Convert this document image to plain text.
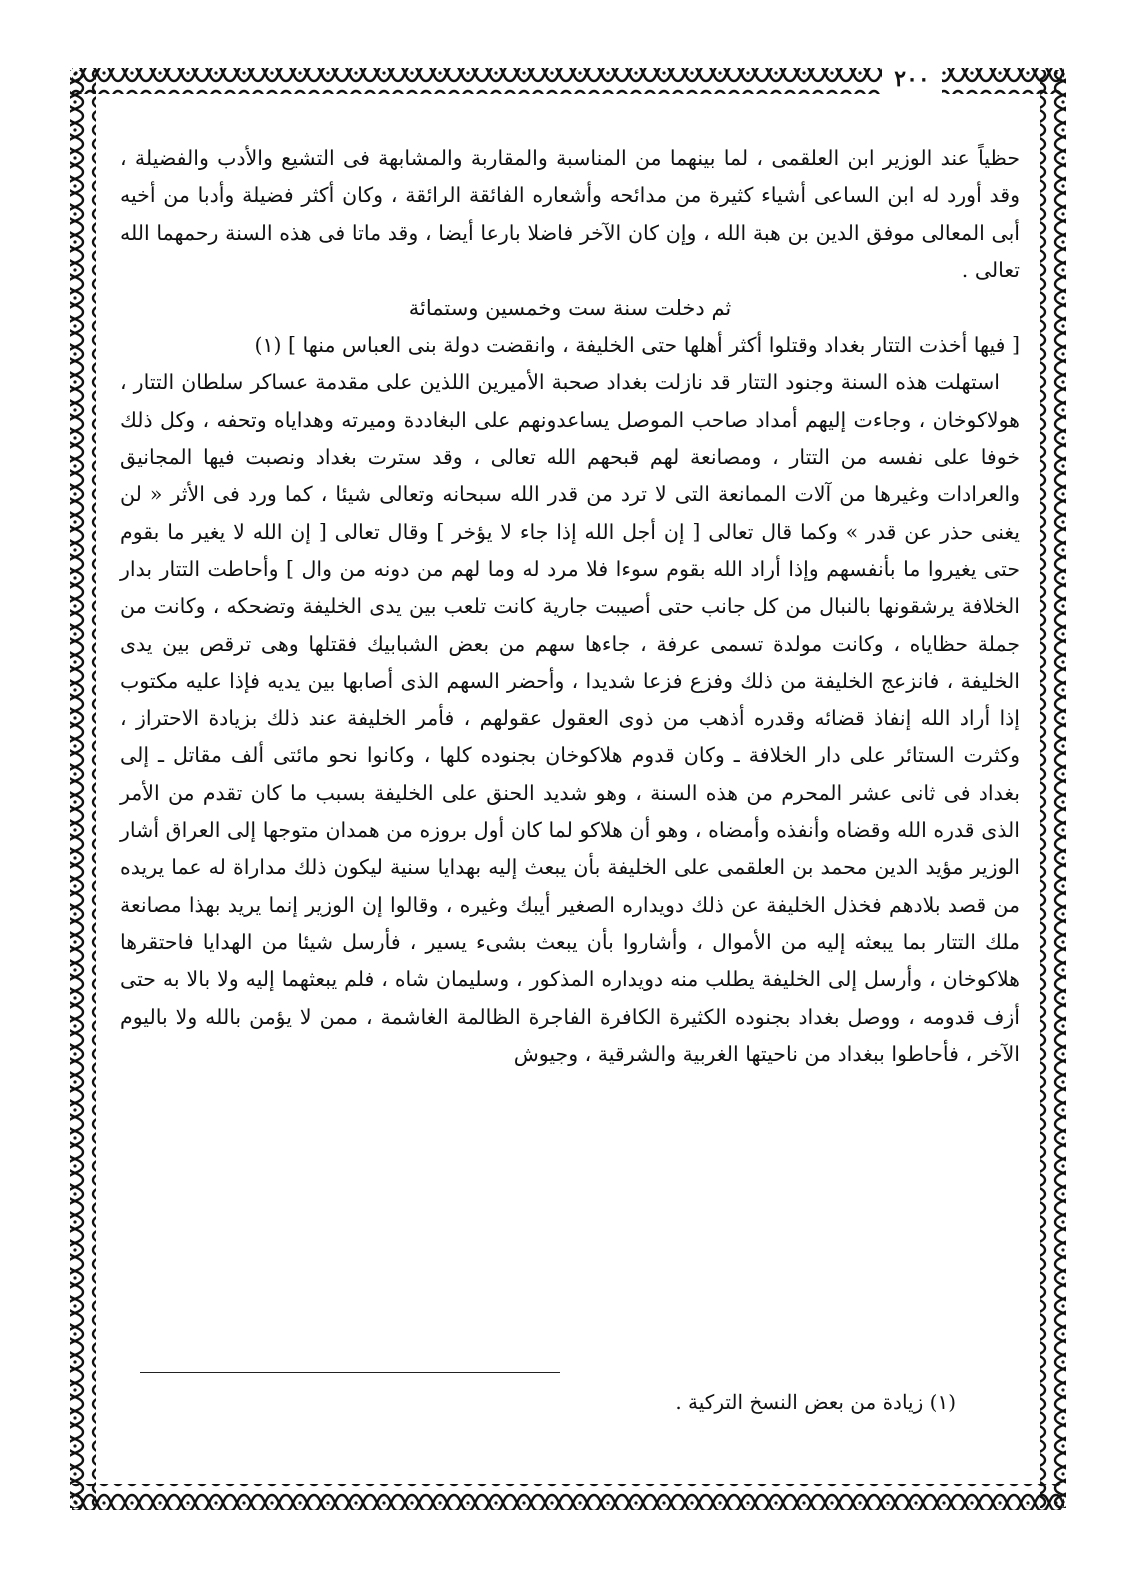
٢٠٠

حظياً عند الوزير ابن العلقمى ، لما بينهما من المناسبة والمقاربة والمشابهة فى التشيع والأدب والفضيلة ، وقد أورد له ابن الساعى أشياء كثيرة من مدائحه وأشعاره الفائقة الرائقة ، وكان أكثر فضيلة وأدبا من أخيه أبى المعالى موفق الدين بن هبة الله ، وإن كان الآخر فاضلا بارعا أيضا ، وقد ماتا فى هذه السنة رحمهما الله تعالى .

ثم دخلت سنة ست وخمسين وستمائة

[ فيها أخذت التتار بغداد وقتلوا أكثر أهلها حتى الخليفة ، وانقضت دولة بنى العباس منها ] (١)

استهلت هذه السنة وجنود التتار قد نازلت بغداد صحبة الأميرين اللذين على مقدمة عساكر سلطان التتار ، هولاكوخان ، وجاءت إليهم أمداد صاحب الموصل يساعدونهم على البغاددة وميرته وهداياه وتحفه ، وكل ذلك خوفا على نفسه من التتار ، ومصانعة لهم قبحهم الله تعالى ، وقد سترت بغداد ونصبت فيها المجانيق والعرادات وغيرها من آلات الممانعة التى لا ترد من قدر الله سبحانه وتعالى شيئا ، كما ورد فى الأثر « لن يغنى حذر عن قدر » وكما قال تعالى [ إن أجل الله إذا جاء لا يؤخر ] وقال تعالى [ إن الله لا يغير ما بقوم حتى يغيروا ما بأنفسهم وإذا أراد الله بقوم سوءا فلا مرد له وما لهم من دونه من وال ] وأحاطت التتار بدار الخلافة يرشقونها بالنبال من كل جانب حتى أصيبت جارية كانت تلعب بين يدى الخليفة وتضحكه ، وكانت من جملة حظاياه ، وكانت مولدة تسمى عرفة ، جاءها سهم من بعض الشبابيك فقتلها وهى ترقص بين يدى الخليفة ، فانزعج الخليفة من ذلك وفزع فزعا شديدا ، وأحضر السهم الذى أصابها بين يديه فإذا عليه مكتوب إذا أراد الله إنفاذ قضائه وقدره أذهب من ذوى العقول عقولهم ، فأمر الخليفة عند ذلك بزيادة الاحتراز ، وكثرت الستائر على دار الخلافة ـ وكان قدوم هلاكوخان بجنوده كلها ، وكانوا نحو مائتى ألف مقاتل ـ إلى بغداد فى ثانى عشر المحرم من هذه السنة ، وهو شديد الحنق على الخليفة بسبب ما كان تقدم من الأمر الذى قدره الله وقضاه وأنفذه وأمضاه ، وهو أن هلاكو لما كان أول بروزه من همدان متوجها إلى العراق أشار الوزير مؤيد الدين محمد بن العلقمى على الخليفة بأن يبعث إليه بهدايا سنية ليكون ذلك مداراة له عما يريده من قصد بلادهم فخذل الخليفة عن ذلك دويداره الصغير أيبك وغيره ، وقالوا إن الوزير إنما يريد بهذا مصانعة ملك التتار بما يبعثه إليه من الأموال ، وأشاروا بأن يبعث بشىء يسير ، فأرسل شيئا من الهدايا فاحتقرها هلاكوخان ، وأرسل إلى الخليفة يطلب منه دويداره المذكور ، وسليمان شاه ، فلم يبعثهما إليه ولا بالا به حتى أزف قدومه ، ووصل بغداد بجنوده الكثيرة الكافرة الفاجرة الظالمة الغاشمة ، ممن لا يؤمن بالله ولا باليوم الآخر ، فأحاطوا ببغداد من ناحيتها الغربية والشرقية ، وجيوش

(١) زيادة من بعض النسخ التركية .
